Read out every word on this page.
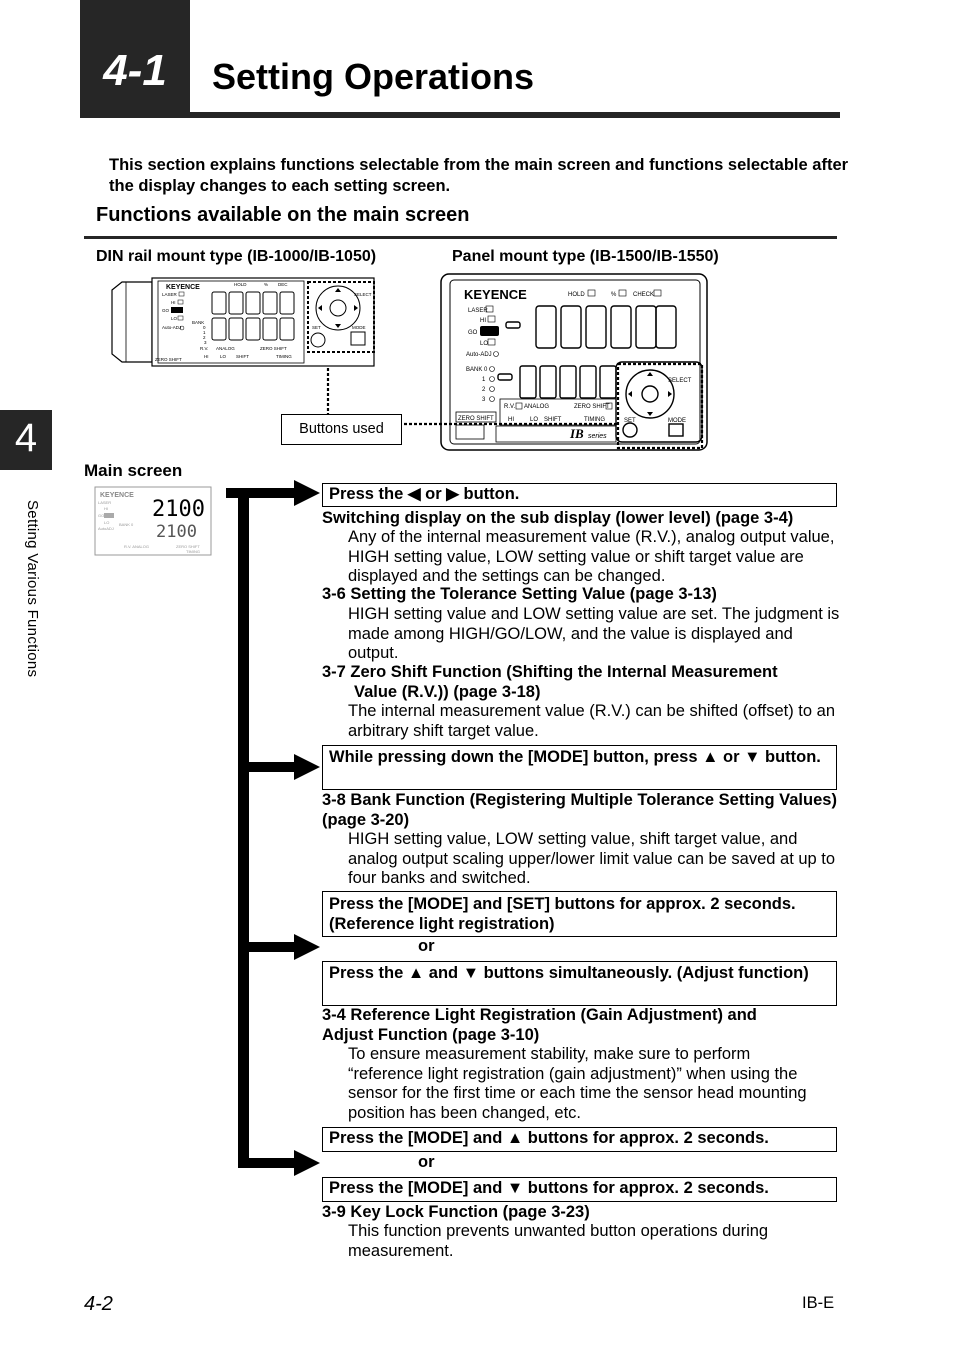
4-1	Setting Operations
This section explains functions selectable from the main screen and functions selectable after the display changes to each setting screen.
Functions available on the main screen
4
Setting Various Functions
DIN rail mount type (IB-1000/IB-1050)	Panel mount type (IB-1500/IB-1550)
KEYENCE
LASER
HI
GO
LO
Auto-ADJ
BANK
0
1
2
3
HOLD	% DEC
R.V. ANALOG	ZERO SHIFT
HI	LO SHIFT	TIMING
ZERO SHIFT
SELECT
SET	MODE
KEYENCE	HOLD	%	CHECK
LASER
HI
GO
LO
Auto-ADJ
BANK 0
1
2
3
SELECT
SET	MODE
R.V. ANALOG	ZERO SHIFT
HI	LO SHIFT	TIMING
ZERO SHIFT
IB series
Buttons used
Main screen
KEYENCE
LASER
HI
GO
LO
AutoADJ
BANK 0
R.V. ANALOG	ZERO SHIFT
TIMING
2100
2100
Press the ◀ or ▶ button.
Switching display on the sub display (lower level) (page 3-4)
Any of the internal measurement value (R.V.), analog output value, HIGH setting value, LOW setting value or shift target value are displayed and the settings can be changed.
3-6 Setting the Tolerance Setting Value (page 3-13)
HIGH setting value and LOW setting value are set. The judgment is made among HIGH/GO/LOW, and the value is displayed and output.
3-7 Zero Shift Function (Shifting the Internal Measurement
Value (R.V.)) (page 3-18)
The internal measurement value (R.V.) can be shifted (offset) to an arbitrary shift target value.
While pressing down the [MODE] button, press ▲ or ▼ button.
3-8 Bank Function (Registering Multiple Tolerance Setting Values) (page 3-20)
HIGH setting value, LOW setting value, shift target value, and analog output scaling upper/lower limit value can be saved at up to four banks and switched.
Press the [MODE] and [SET] buttons for approx. 2 seconds. (Reference light registration)
or
Press the ▲ and ▼ buttons simultaneously. (Adjust function)
3-4 Reference Light Registration (Gain Adjustment) and Adjust Function (page 3-10)
To ensure measurement stability, make sure to perform “reference light registration (gain adjustment)” when using the sensor for the first time or each time the sensor head mounting position has been changed, etc.
Press the [MODE] and ▲ buttons for approx. 2 seconds.
or
Press the [MODE] and ▼ buttons for approx. 2 seconds.
3-9 Key Lock Function (page 3-23)
This function prevents unwanted button operations during measurement.
4-2	IB-E
